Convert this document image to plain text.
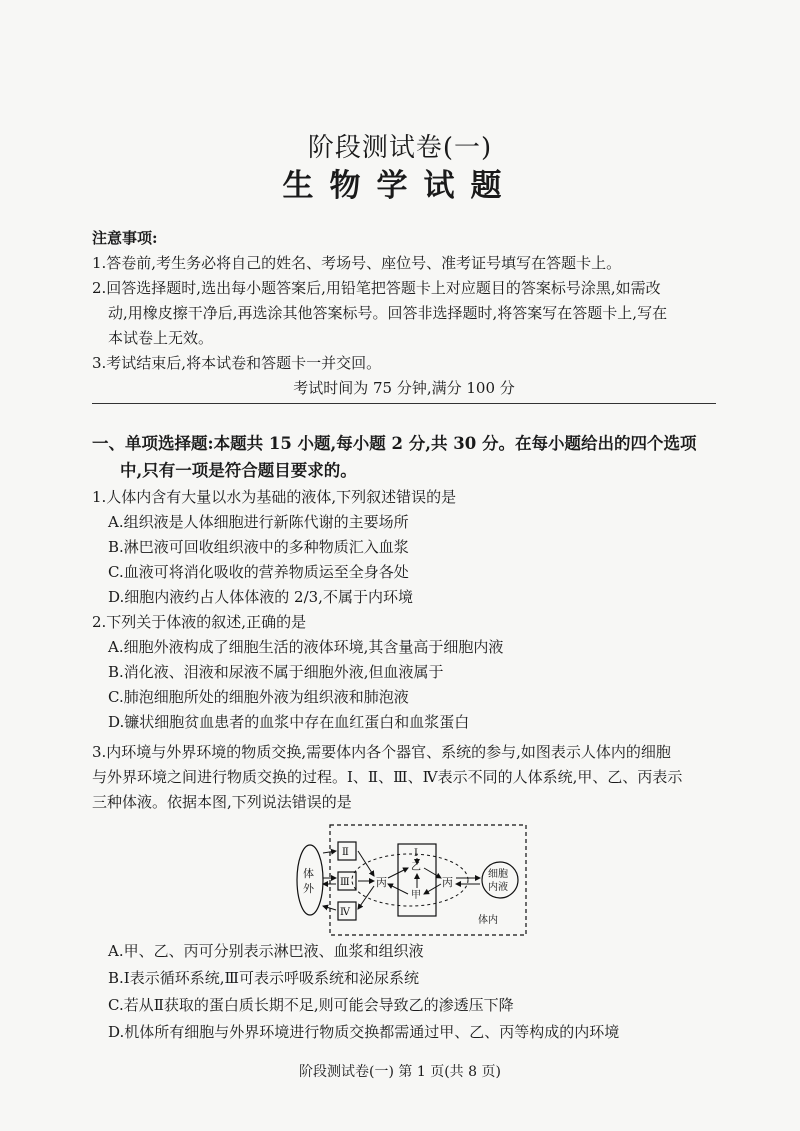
阶段测试卷(一)
生物学试题
注意事项:
1.答卷前,考生务必将自己的姓名、考场号、座位号、准考证号填写在答题卡上。
2.回答选择题时,选出每小题答案后,用铅笔把答题卡上对应题目的答案标号涂黑,如需改
动,用橡皮擦干净后,再选涂其他答案标号。回答非选择题时,将答案写在答题卡上,写在
本试卷上无效。
3.考试结束后,将本试卷和答题卡一并交回。
考试时间为 75 分钟,满分 100 分
一、单项选择题:本题共 15 小题,每小题 2 分,共 30 分。在每小题给出的四个选项
中,只有一项是符合题目要求的。
1.人体内含有大量以水为基础的液体,下列叙述错误的是
A.组织液是人体细胞进行新陈代谢的主要场所
B.淋巴液可回收组织液中的多种物质汇入血浆
C.血液可将消化吸收的营养物质运至全身各处
D.细胞内液约占人体体液的 2/3,不属于内环境
2.下列关于体液的叙述,正确的是
A.细胞外液构成了细胞生活的液体环境,其含量高于细胞内液
B.消化液、泪液和尿液不属于细胞外液,但血液属于
C.肺泡细胞所处的细胞外液为组织液和肺泡液
D.镰状细胞贫血患者的血浆中存在血红蛋白和血浆蛋白
3.内环境与外界环境的物质交换,需要体内各个器官、系统的参与,如图表示人体内的细胞
与外界环境之间进行物质交换的过程。Ⅰ、Ⅱ、Ⅲ、Ⅳ表示不同的人体系统,甲、乙、丙表示
三种体液。依据本图,下列说法错误的是
体
外
Ⅱ
Ⅲ
Ⅳ
Ⅰ
乙
甲
丙	丙
细胞
内液
体内
A.甲、乙、丙可分别表示淋巴液、血浆和组织液
B.Ⅰ表示循环系统,Ⅲ可表示呼吸系统和泌尿系统
C.若从Ⅱ获取的蛋白质长期不足,则可能会导致乙的渗透压下降
D.机体所有细胞与外界环境进行物质交换都需通过甲、乙、丙等构成的内环境
阶段测试卷(一) 第 1 页(共 8 页)
